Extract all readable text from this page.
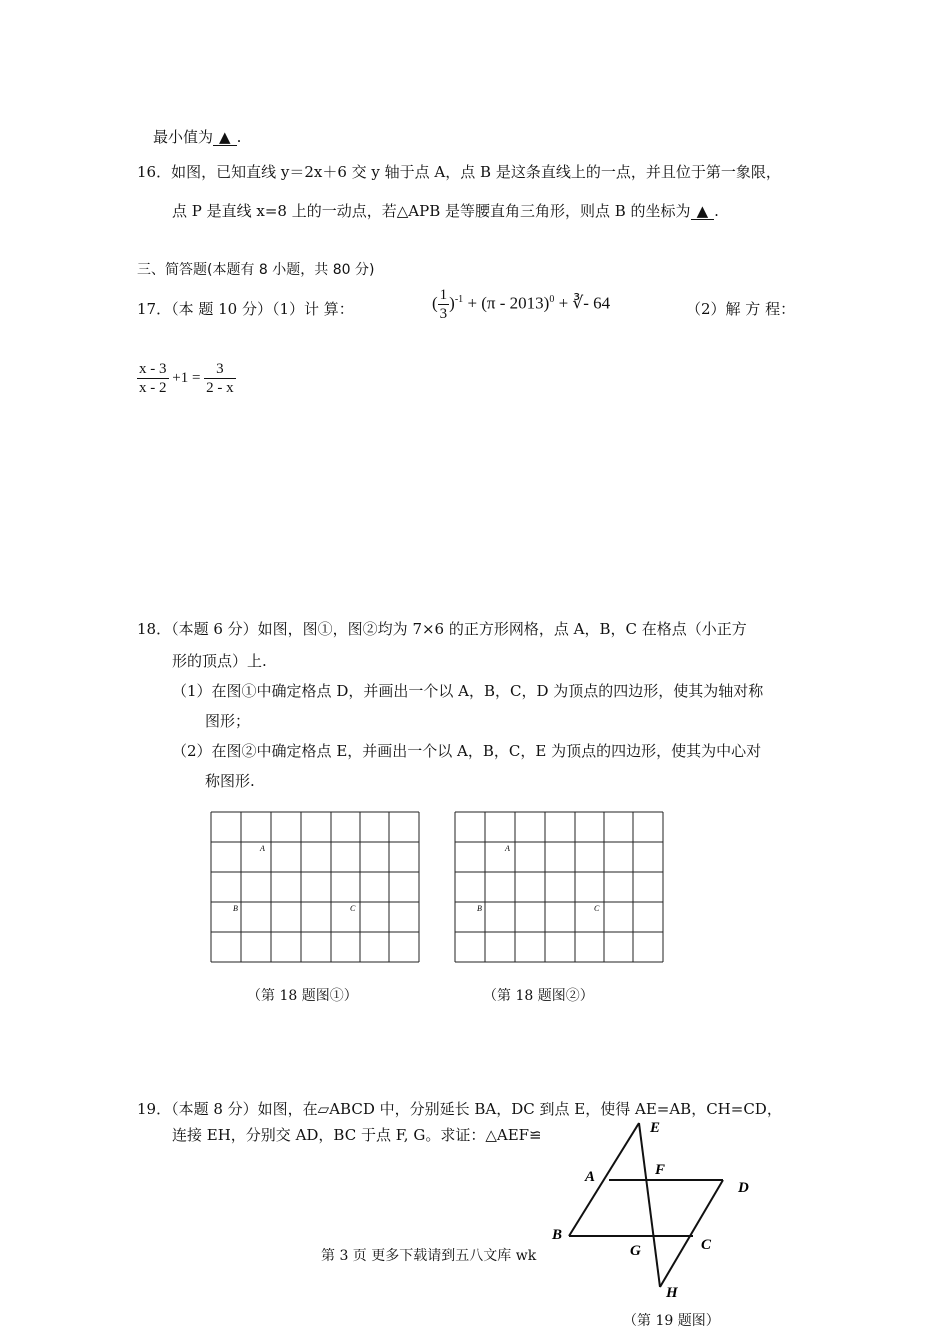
最小值为 ▲ .
16．如图，已知直线 y＝2x＋6 交 y 轴于点 A，点 B 是这条直线上的一点，并且位于第一象限，
点 P 是直线 x=8 上的一动点，若△APB 是等腰直角三角形，则点 B 的坐标为 ▲ .
三、简答题(本题有 8 小题，共 80 分)
17．（本 题 10 分）（1）计 算：	( $\frac{1}{3} )^{-1} + (\pi - 2013)^0$ + ∛- 64	（2）解 方 程：
$\frac{x - 3}{x - 2} +1 = \frac{3}{2 - x}$
18．（本题 6 分）如图，图①，图②均为 7×6 的正方形网格，点 A，B，C 在格点（小正方
形的顶点）上.
（1）在图①中确定格点 D，并画出一个以 A，B，C，D 为顶点的四边形，使其为轴对称
图形；
（2）在图②中确定格点 E，并画出一个以 A，B，C，E 为顶点的四边形，使其为中心对
称图形.
A
B	C
A
B	C
（第 18 题图①）	（第 18 题图②）
19．（本题 8 分）如图，在▱ABCD 中，分别延长 BA，DC 到点 E，使得 AE=AB，CH=CD，
连接 EH，分别交 AD，BC 于点 F, G。求证：△AEF≌	E
A	F
D
B
G	C
H
第 3 页 更多下载请到五八文库 wk
（第 19 题图）
